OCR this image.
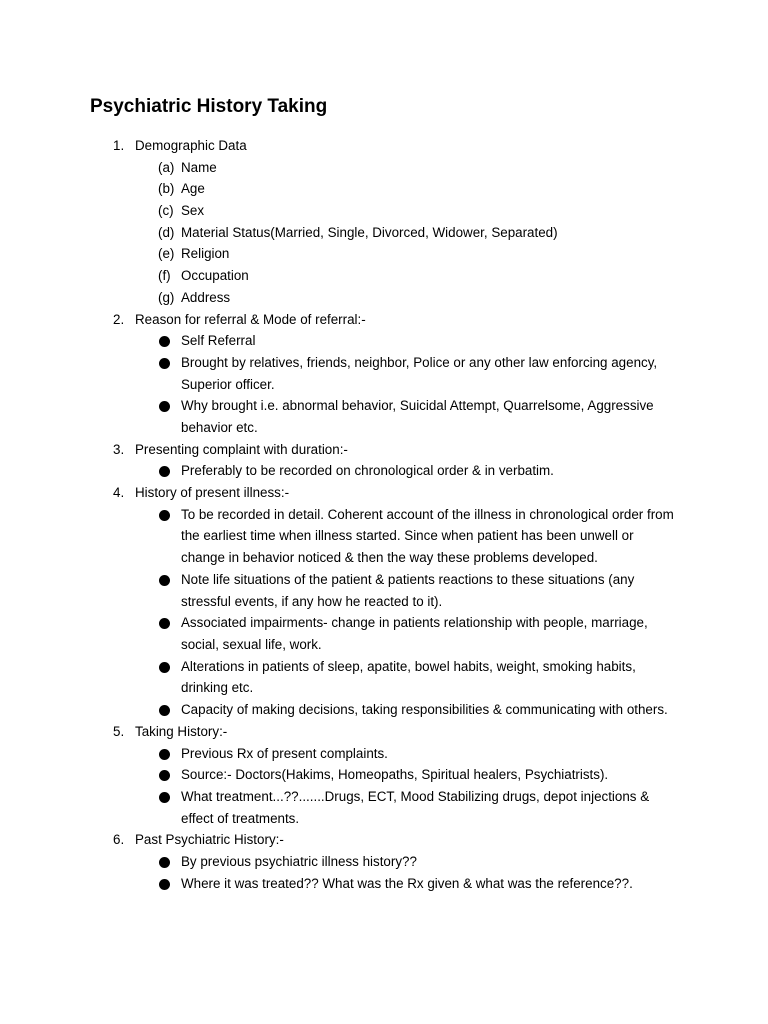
Psychiatric History Taking
1. Demographic Data
(a) Name
(b) Age
(c) Sex
(d) Material Status(Married, Single, Divorced, Widower, Separated)
(e) Religion
(f) Occupation
(g) Address
2. Reason for referral & Mode of referral:-
Self Referral
Brought by relatives, friends, neighbor, Police or any other law enforcing agency, Superior officer.
Why brought i.e. abnormal behavior, Suicidal Attempt, Quarrelsome, Aggressive behavior etc.
3. Presenting complaint with duration:-
Preferably to be recorded on chronological order & in verbatim.
4. History of present illness:-
To be recorded in detail. Coherent account of the illness in chronological order from the earliest time when illness started. Since when patient has been unwell or change in behavior noticed & then the way these problems developed.
Note life situations of the patient & patients reactions to these situations (any stressful events, if any how he reacted to it).
Associated impairments- change in patients relationship with people, marriage, social, sexual life, work.
Alterations in patients of sleep, apatite, bowel habits, weight, smoking habits, drinking etc.
Capacity of making decisions, taking responsibilities & communicating with others.
5. Taking History:-
Previous Rx of present complaints.
Source:- Doctors(Hakims, Homeopaths, Spiritual healers, Psychiatrists).
What treatment...??.......Drugs, ECT, Mood Stabilizing drugs, depot injections & effect of treatments.
6. Past Psychiatric History:-
By previous psychiatric illness history??
Where it was treated?? What was the Rx given & what was the reference??.
